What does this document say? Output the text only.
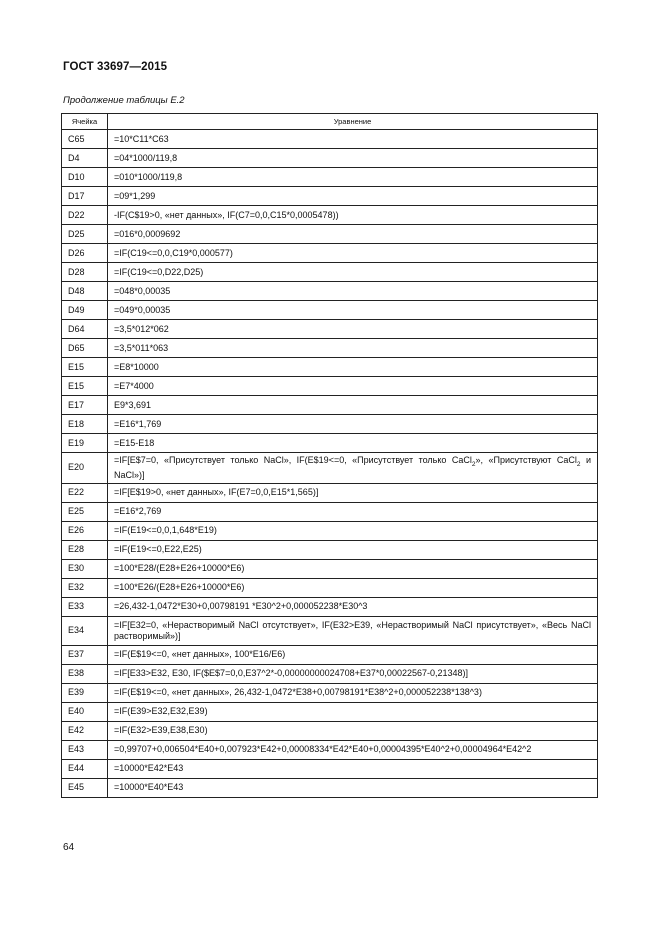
ГОСТ 33697—2015
Продолжение таблицы Е.2
Ячейка	Уравнение
C65	=10*C11*C63
D4	=04*1000/119,8
D10	=010*1000/119,8
D17	=09*1,299
D22	-IF(C$19>0, «нет данных», IF(C7=0,0,C15*0,0005478))
D25	=016*0,0009692
D26	=IF(C19<=0,0,C19*0,000577)
D28	=IF(C19<=0,D22,D25)
D48	=048*0,00035
D49	=049*0,00035
D64	=3,5*012*062
D65	=3,5*011*063
E15	=E8*10000
E15	=E7*4000
E17	E9*3,691
E18	=E16*1,769
E19	=E15-E18
E20	=IF[E$7=0, «Присутствует только NaCl», IF(E$19<=0, «Присутствует только CaCl$_2$», «Присутствуют CaCl$_2$ и NaCl»)]
E22	=IF[E$19>0, «нет данных», IF(E7=0,0,E15*1,565)]
E25	=E16*2,769
E26	=IF(E19<=0,0,1,648*E19)
E28	=IF(E19<=0,E22,E25)
E30	=100*E28/(E28+E26+10000*E6)
E32	=100*E26/(E28+E26+10000*E6)
E33	=26,432-1,0472*E30+0,00798191 *E30^2+0,000052238*E30^3
E34	=IF[E32=0, «Нерастворимый NaCl отсутствует», IF(E32>E39, «Нерастворимый NaCl присутствует», «Весь NaCl растворимый»)]
E37	=IF(E$19<=0, «нет данных», 100*E16/E6)
E38	=IF[E33>E32, E30, IF($E$7=0,0,E37^2*-0,00000000024708+E37*0,00022567-0,21348)]
E39	=IF(E$19<=0, «нет данных», 26,432-1,0472*E38+0,00798191*E38^2+0,000052238*138^3)
E40	=IF(E39>E32,E32,E39)
E42	=IF(E32>E39,E38,E30)
E43	=0,99707+0,006504*E40+0,007923*E42+0,00008334*E42*E40+0,00004395*E40^2+0,00004964*E42^2
E44	=10000*E42*E43
E45	=10000*E40*E43
64
